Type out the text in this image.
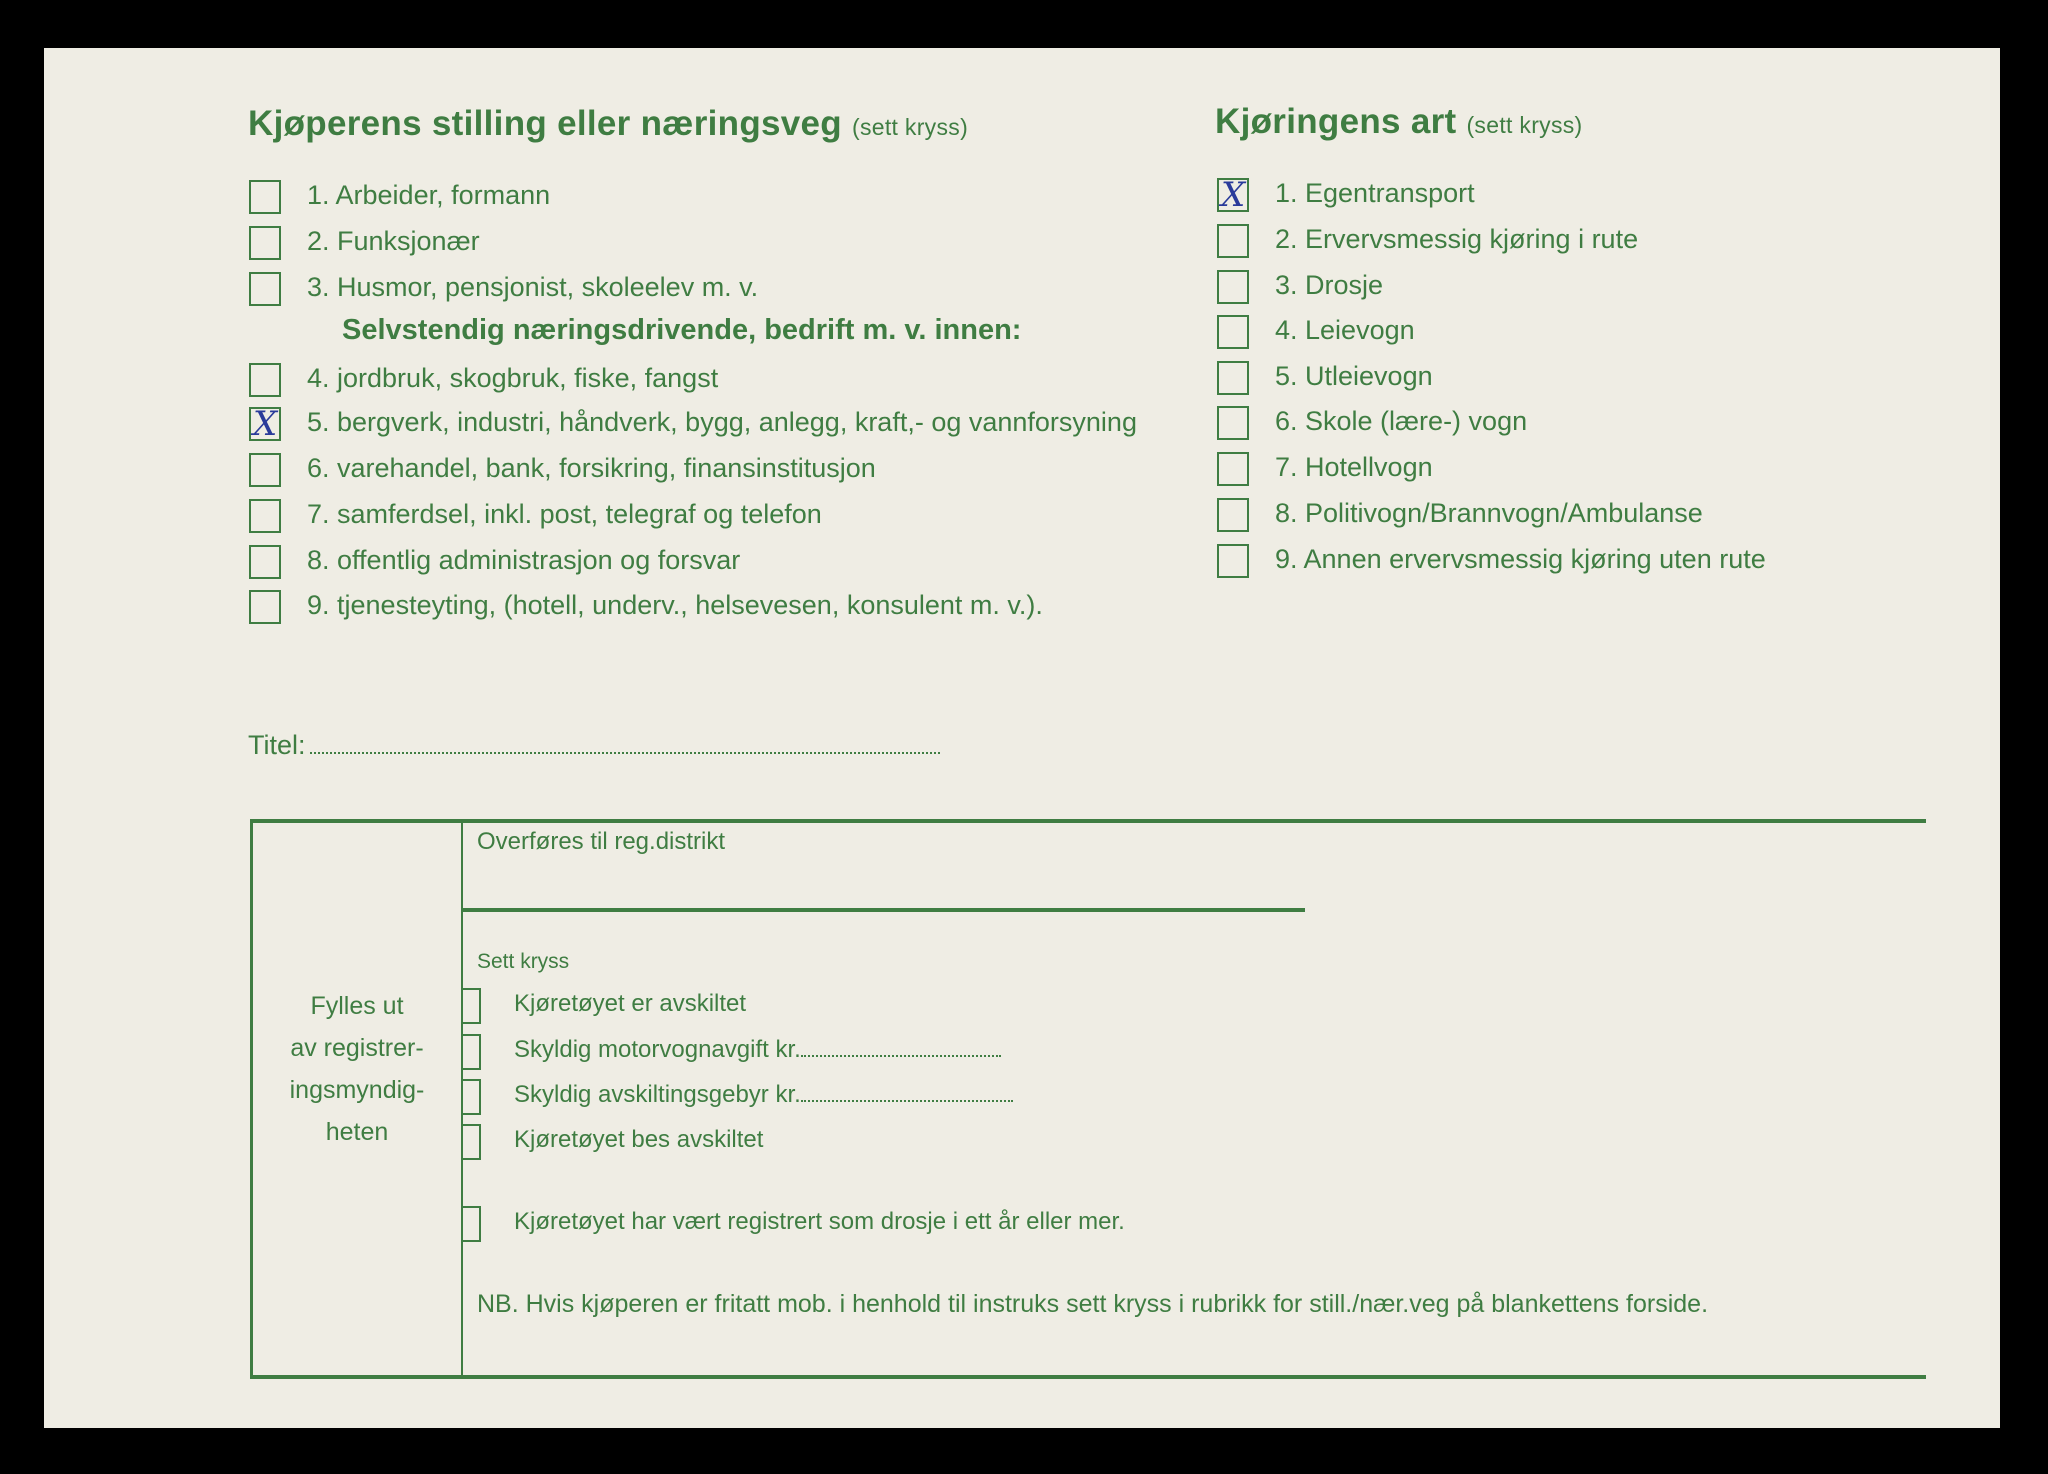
Kjøperens stilling eller næringsveg (sett kryss)
1. Arbeider, formann
2. Funksjonær
3. Husmor, pensjonist, skoleelev m. v.
4. jordbruk, skogbruk, fiske, fangst
X 5. bergverk, industri, håndverk, bygg, anlegg, kraft,- og vannforsyning
6. varehandel, bank, forsikring, finansinstitusjon
7. samferdsel, inkl. post, telegraf og telefon
8. offentlig administrasjon og forsvar
9. tjenesteyting, (hotell, underv., helsevesen, konsulent m. v.).
Selvstendig næringsdrivende, bedrift m. v. innen:
Kjøringens art (sett kryss)
X 1. Egentransport
2. Ervervsmessig kjøring i rute
3. Drosje
4. Leievogn
5. Utleievogn
6. Skole (lære-) vogn
7. Hotellvogn
8. Politivogn/Brannvogn/Ambulanse
9. Annen ervervsmessig kjøring uten rute
Titel:
Fylles ut
av registrer-
ingsmyndig-
heten
Overføres til reg.distrikt
Sett kryss
Kjøretøyet er avskiltet
Skyldig motorvognavgift kr.
Skyldig avskiltingsgebyr kr.
Kjøretøyet bes avskiltet
Kjøretøyet har vært registrert som drosje i ett år eller mer.
NB. Hvis kjøperen er fritatt mob. i henhold til instruks sett kryss i rubrikk for still./nær.veg på blankettens forside.
